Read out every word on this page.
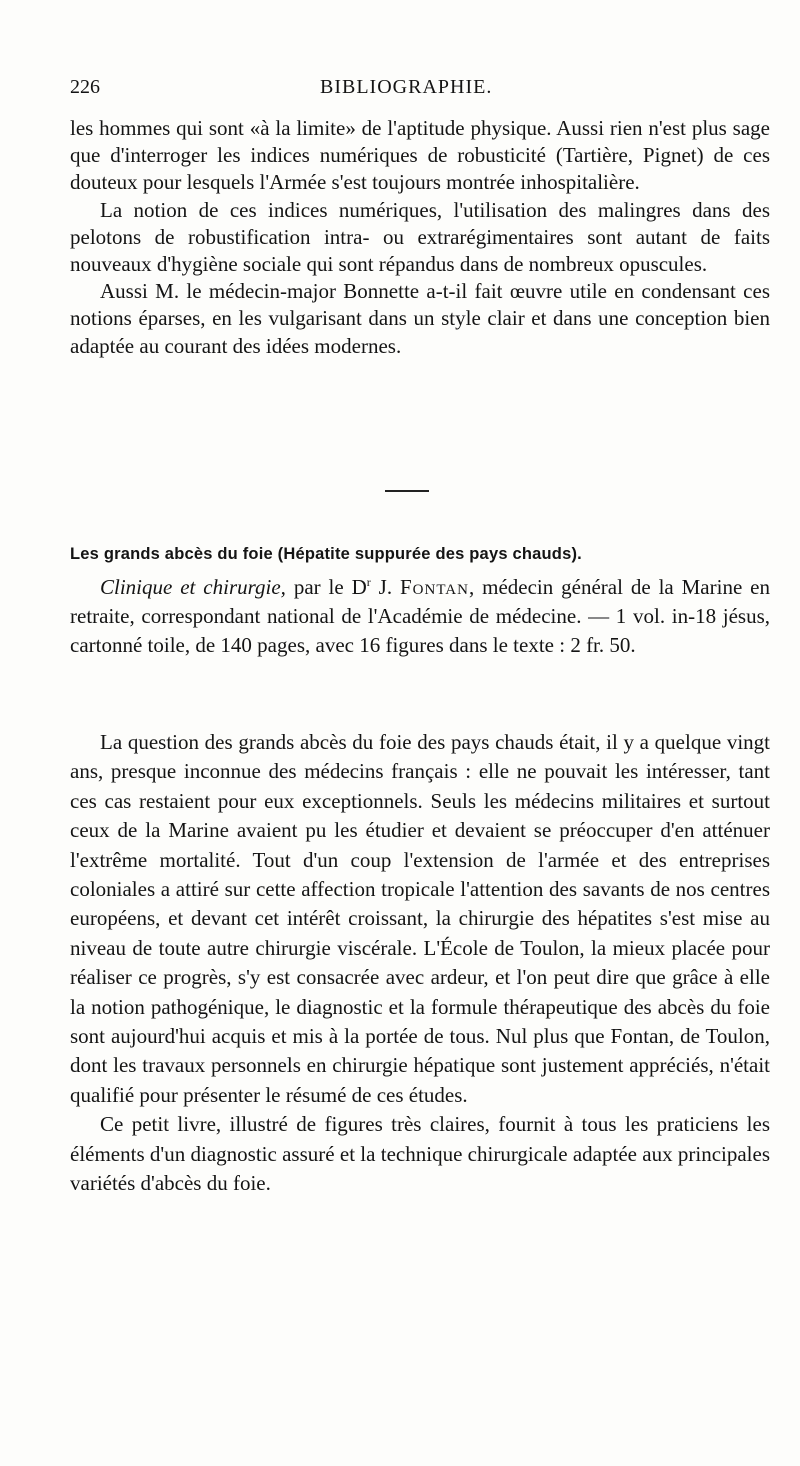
226	BIBLIOGRAPHIE.

les hommes qui sont «à la limite» de l'aptitude physique. Aussi rien n'est plus sage que d'interroger les indices numériques de robusticité (Tartière, Pignet) de ces douteux pour lesquels l'Armée s'est toujours montrée inhospitalière.

La notion de ces indices numériques, l'utilisation des malingres dans des pelotons de robustification intra- ou extrarégimentaires sont autant de faits nouveaux d'hygiène sociale qui sont répandus dans de nombreux opuscules.

Aussi M. le médecin-major Bonnette a-t-il fait œuvre utile en condensant ces notions éparses, en les vulgarisant dans un style clair et dans une conception bien adaptée au courant des idées modernes.

Les grands abcès du foie (Hépatite suppurée des pays chauds).

Clinique et chirurgie, par le $D^r$ J. Fontan, médecin général de la Marine en retraite, correspondant national de l'Académie de médecine. — 1 vol. in-18 jésus, cartonné toile, de 140 pages, avec 16 figures dans le texte : 2 fr. 50.

La question des grands abcès du foie des pays chauds était, il y a quelque vingt ans, presque inconnue des médecins français : elle ne pouvait les intéresser, tant ces cas restaient pour eux exceptionnels. Seuls les médecins militaires et surtout ceux de la Marine avaient pu les étudier et devaient se préoccuper d'en atténuer l'extrême mortalité. Tout d'un coup l'extension de l'armée et des entreprises coloniales a attiré sur cette affection tropicale l'attention des savants de nos centres européens, et devant cet intérêt croissant, la chirurgie des hépatites s'est mise au niveau de toute autre chirurgie viscérale. L'École de Toulon, la mieux placée pour réaliser ce progrès, s'y est consacrée avec ardeur, et l'on peut dire que grâce à elle la notion pathogénique, le diagnostic et la formule thérapeutique des abcès du foie sont aujourd'hui acquis et mis à la portée de tous. Nul plus que Fontan, de Toulon, dont les travaux personnels en chirurgie hépatique sont justement appréciés, n'était qualifié pour présenter le résumé de ces études.

Ce petit livre, illustré de figures très claires, fournit à tous les praticiens les éléments d'un diagnostic assuré et la technique chirurgicale adaptée aux principales variétés d'abcès du foie.
